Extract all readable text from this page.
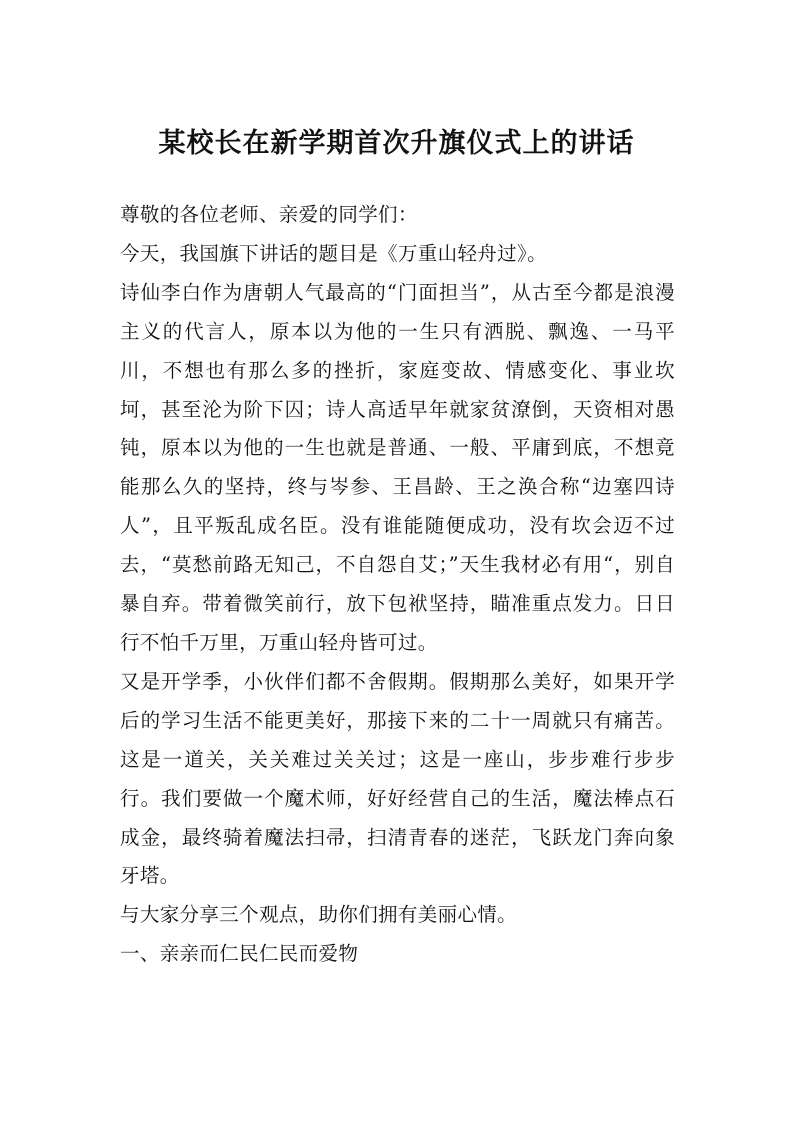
某校长在新学期首次升旗仪式上的讲话

尊敬的各位老师、亲爱的同学们：

今天，我国旗下讲话的题目是《万重山轻舟过》。

诗仙李白作为唐朝人气最高的“门面担当”，从古至今都是浪漫主义的代言人，原本以为他的一生只有洒脱、飘逸、一马平川，不想也有那么多的挫折，家庭变故、情感变化、事业坎坷，甚至沦为阶下囚；诗人高适早年就家贫潦倒，天资相对愚钝，原本以为他的一生也就是普通、一般、平庸到底，不想竟能那么久的坚持，终与岑参、王昌龄、王之涣合称“边塞四诗人”，且平叛乱成名臣。没有谁能随便成功，没有坎会迈不过去，“莫愁前路无知己，不自怨自艾；”天生我材必有用“，别自暴自弃。带着微笑前行，放下包袱坚持，瞄准重点发力。日日行不怕千万里，万重山轻舟皆可过。

又是开学季，小伙伴们都不舍假期。假期那么美好，如果开学后的学习生活不能更美好，那接下来的二十一周就只有痛苦。这是一道关，关关难过关关过；这是一座山，步步难行步步行。我们要做一个魔术师，好好经营自己的生活，魔法棒点石成金，最终骑着魔法扫帚，扫清青春的迷茫，飞跃龙门奔向象牙塔。

与大家分享三个观点，助你们拥有美丽心情。

一、亲亲而仁民仁民而爱物
